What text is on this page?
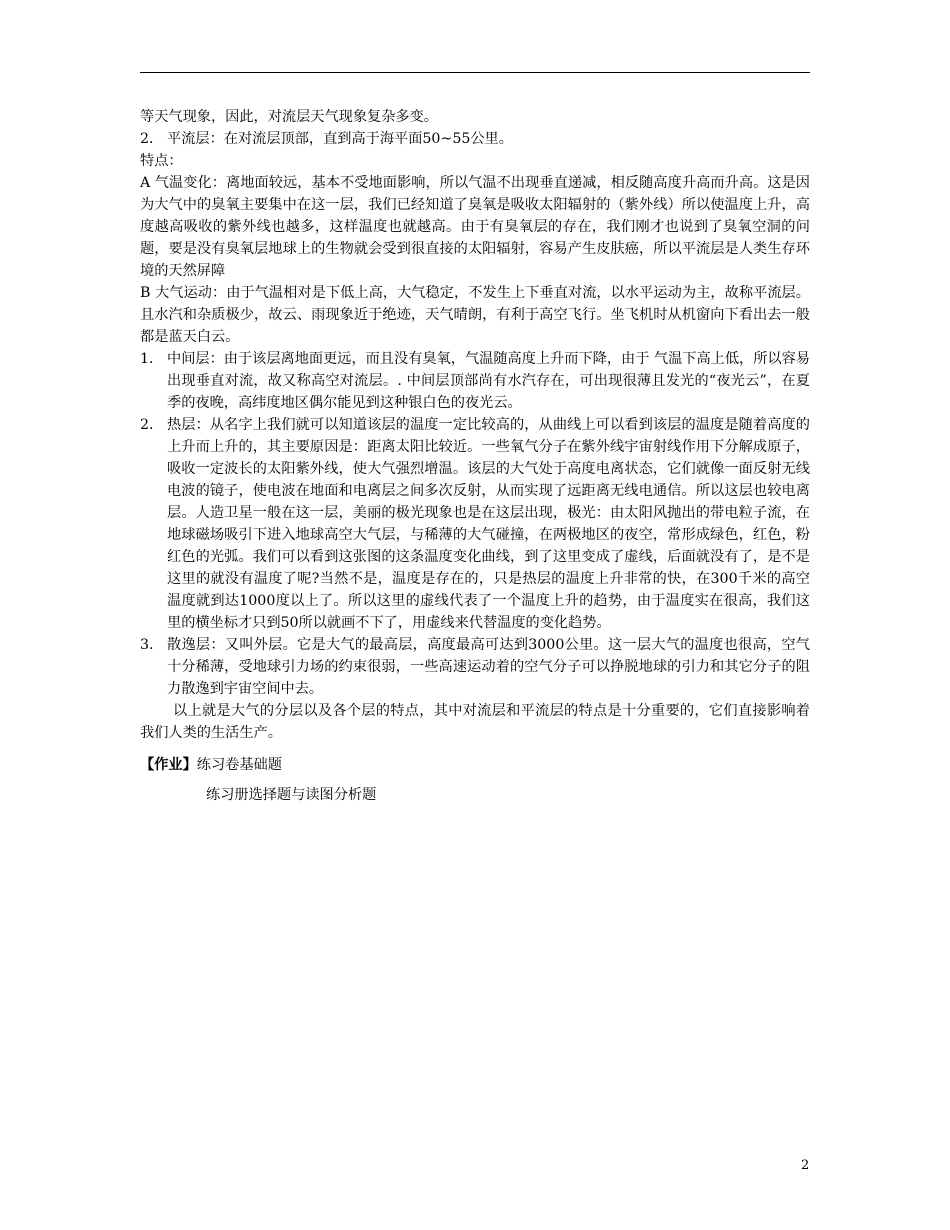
等天气现象，因此，对流层天气现象复杂多变。

2． 平流层：在对流层顶部，直到高于海平面50~55公里。

特点：

A 气温变化：离地面较远，基本不受地面影响，所以气温不出现垂直递减，相反随高度升高而升高。这是因为大气中的臭氧主要集中在这一层，我们已经知道了臭氧是吸收太阳辐射的（紫外线）所以使温度上升，高度越高吸收的紫外线也越多，这样温度也就越高。由于有臭氧层的存在，我们刚才也说到了臭氧空洞的问题，要是没有臭氧层地球上的生物就会受到很直接的太阳辐射，容易产生皮肤癌，所以平流层是人类生存环境的天然屏障

B 大气运动：由于气温相对是下低上高，大气稳定，不发生上下垂直对流，以水平运动为主，故称平流层。且水汽和杂质极少，故云、雨现象近于绝迹，天气晴朗，有利于高空飞行。坐飞机时从机窗向下看出去一般都是蓝天白云。

1． 中间层：由于该层离地面更远，而且没有臭氧，气温随高度上升而下降，由于 气温下高上低，所以容易出现垂直对流，故又称高空对流层。. 中间层顶部尚有水汽存在，可出现很薄且发光的“夜光云”，在夏季的夜晚，高纬度地区偶尔能见到这种银白色的夜光云。
2． 热层：从名字上我们就可以知道该层的温度一定比较高的，从曲线上可以看到该层的温度是随着高度的上升而上升的，其主要原因是：距离太阳比较近。一些氧气分子在紫外线宇宙射线作用下分解成原子，吸收一定波长的太阳紫外线，使大气强烈增温。该层的大气处于高度电离状态，它们就像一面反射无线电波的镜子，使电波在地面和电离层之间多次反射，从而实现了远距离无线电通信。所以这层也较电离层。人造卫星一般在这一层，美丽的极光现象也是在这层出现，极光：由太阳风抛出的带电粒子流，在地球磁场吸引下进入地球高空大气层，与稀薄的大气碰撞，在两极地区的夜空，常形成绿色，红色，粉红色的光弧。我们可以看到这张图的这条温度变化曲线，到了这里变成了虚线，后面就没有了，是不是这里的就没有温度了呢?当然不是，温度是存在的，只是热层的温度上升非常的快，在300千米的高空温度就到达1000度以上了。所以这里的虚线代表了一个温度上升的趋势，由于温度实在很高，我们这里的横坐标才只到50所以就画不下了，用虚线来代替温度的变化趋势。
3． 散逸层：又叫外层。它是大气的最高层，高度最高可达到3000公里。这一层大气的温度也很高，空气十分稀薄，受地球引力场的约束很弱，一些高速运动着的空气分子可以挣脱地球的引力和其它分子的阻力散逸到宇宙空间中去。

以上就是大气的分层以及各个层的特点，其中对流层和平流层的特点是十分重要的，它们直接影响着我们人类的生活生产。

【作业】练习卷基础题
练习册选择题与读图分析题
2
